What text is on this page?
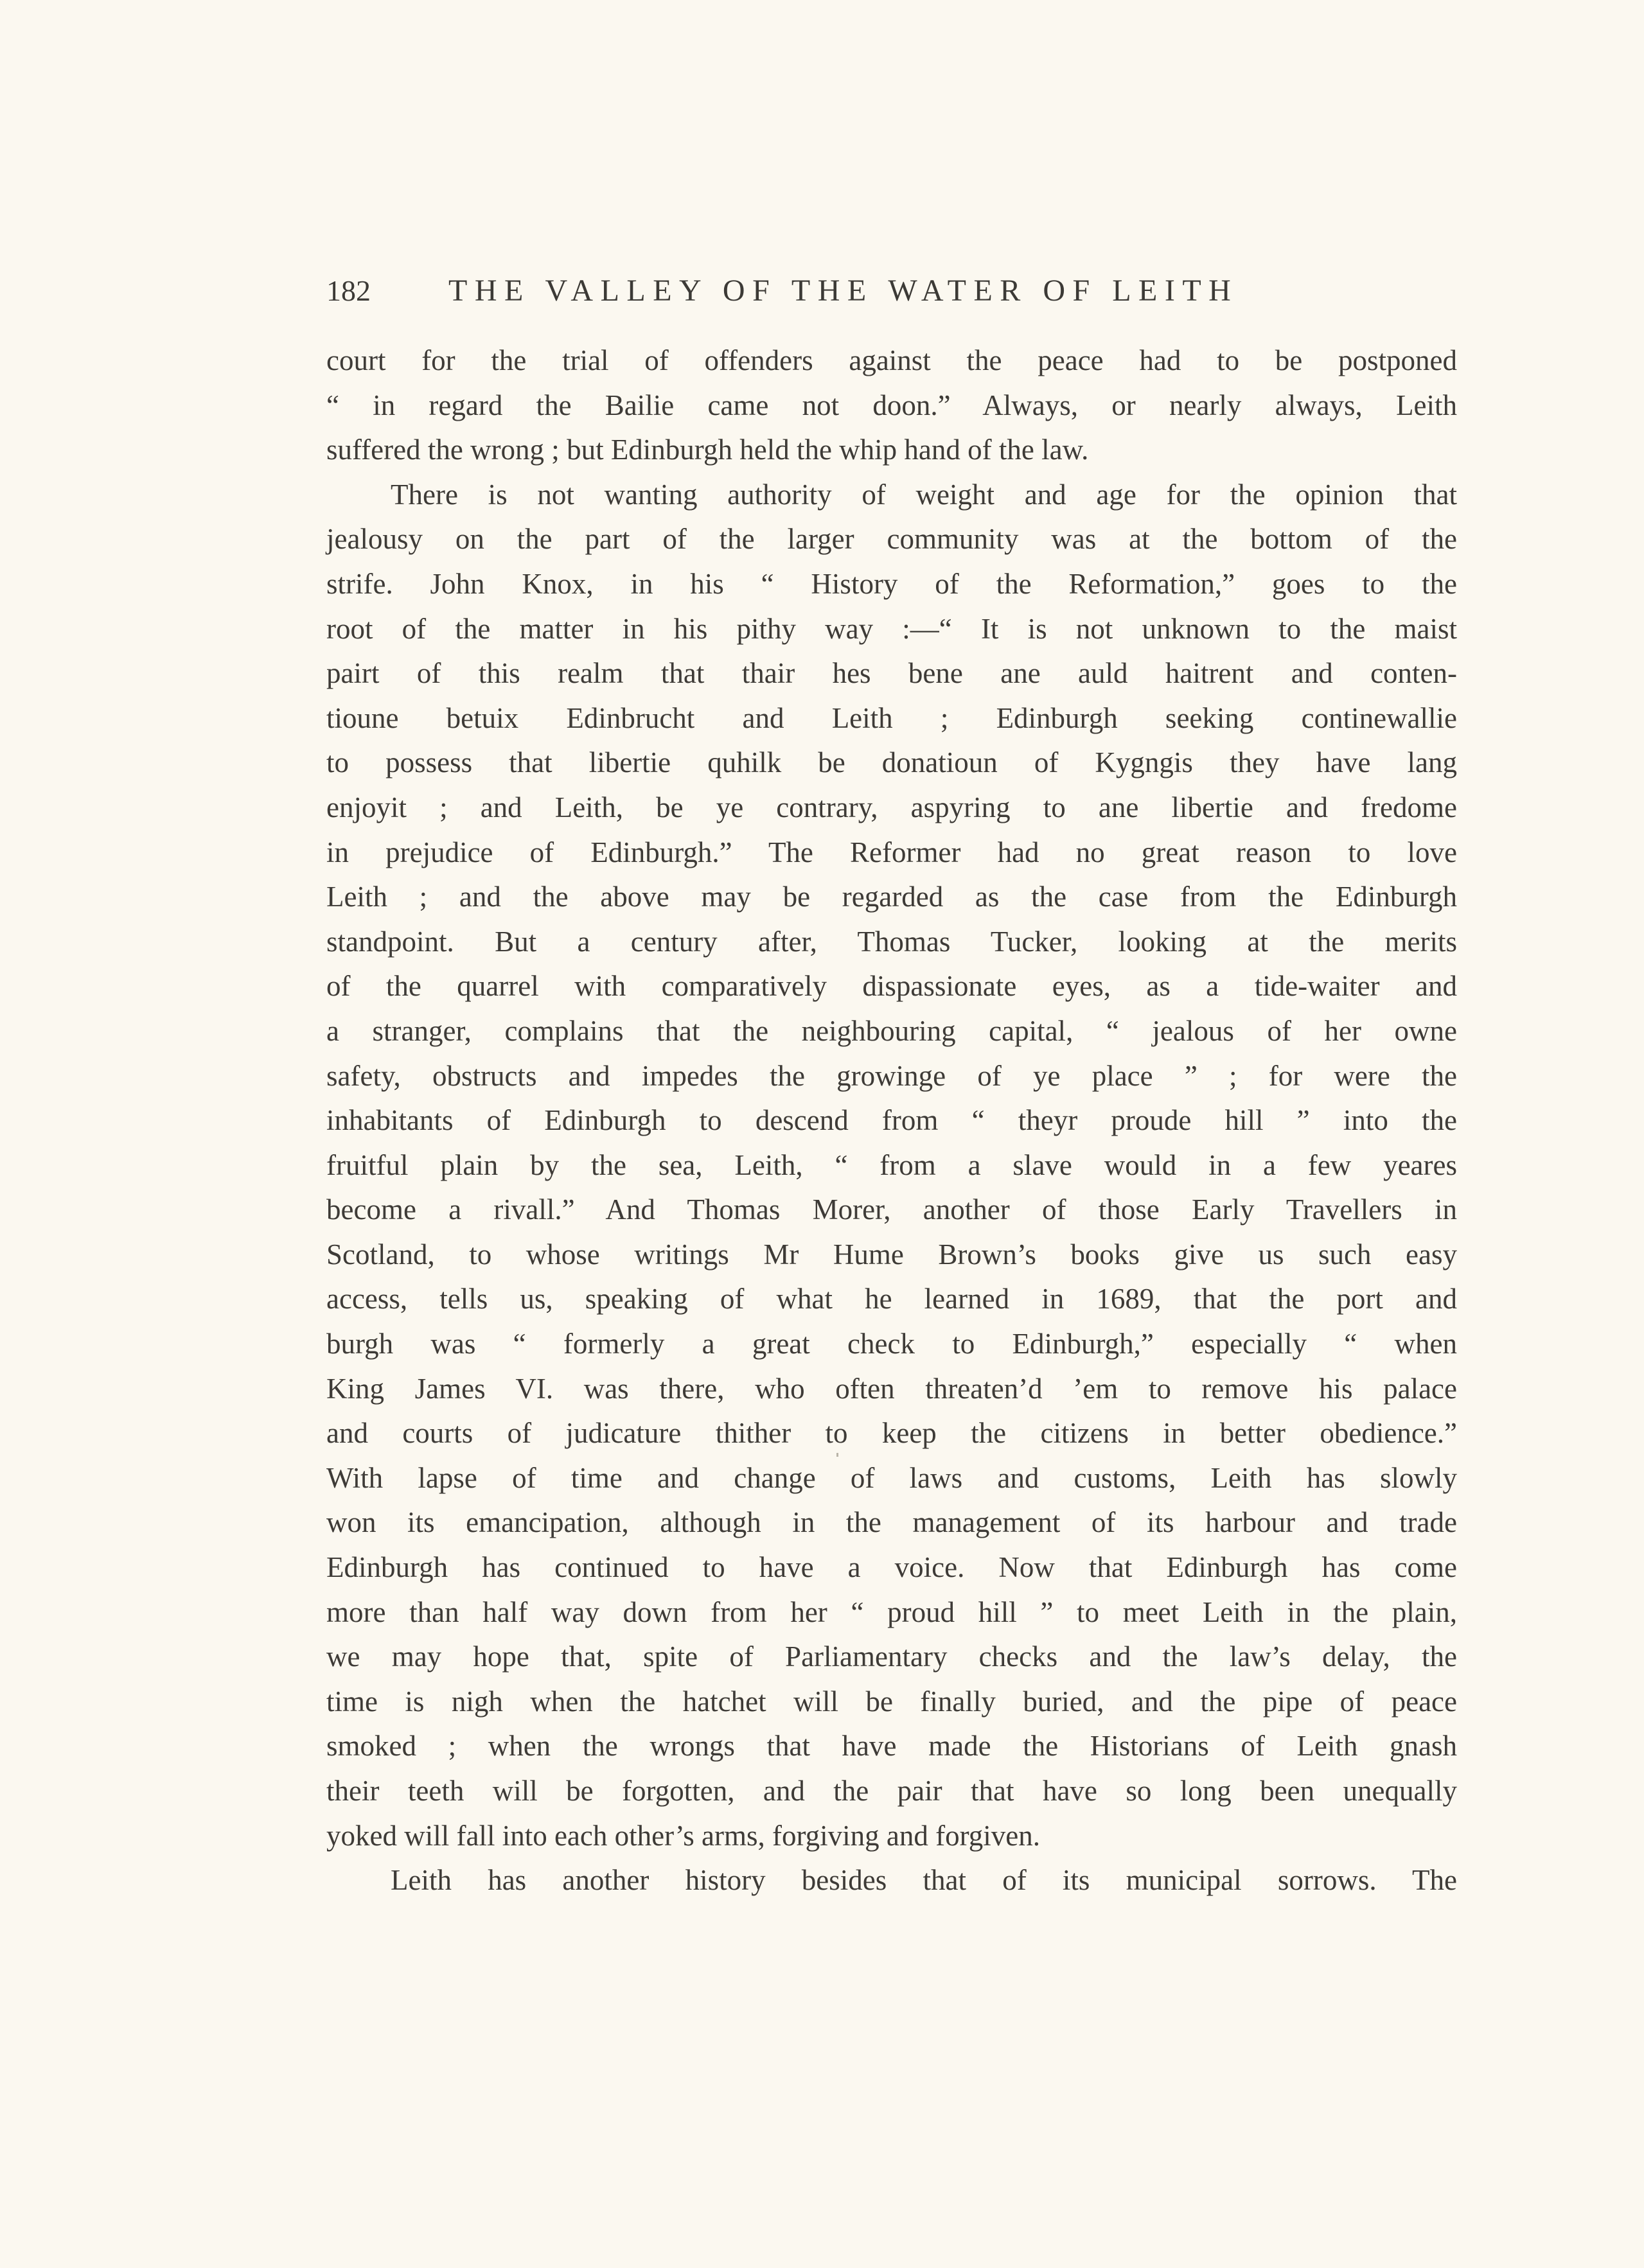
182	THE VALLEY OF THE WATER OF LEITH
court for the trial of offenders against the peace had to be postponed
“ in regard the Bailie came not doon.” Always, or nearly always, Leith
suffered the wrong ; but Edinburgh held the whip hand of the law.
There is not wanting authority of weight and age for the opinion that
jealousy on the part of the larger community was at the bottom of the
strife. John Knox, in his “ History of the Reformation,” goes to the
root of the matter in his pithy way :—“ It is not unknown to the maist
pairt of this realm that thair hes bene ane auld haitrent and conten-
tioune betuix Edinbrucht and Leith ; Edinburgh seeking continewallie
to possess that libertie quhilk be donatioun of Kygngis they have lang
enjoyit ; and Leith, be ye contrary, aspyring to ane libertie and fredome
in prejudice of Edinburgh.” The Reformer had no great reason to love
Leith ; and the above may be regarded as the case from the Edinburgh
standpoint. But a century after, Thomas Tucker, looking at the merits
of the quarrel with comparatively dispassionate eyes, as a tide-waiter and
a stranger, complains that the neighbouring capital, “ jealous of her owne
safety, obstructs and impedes the growinge of ye place ” ; for were the
inhabitants of Edinburgh to descend from “ theyr proude hill ” into the
fruitful plain by the sea, Leith, “ from a slave would in a few yeares
become a rivall.” And Thomas Morer, another of those Early Travellers in
Scotland, to whose writings Mr Hume Brown’s books give us such easy
access, tells us, speaking of what he learned in 1689, that the port and
burgh was “ formerly a great check to Edinburgh,” especially “ when
King James VI. was there, who often threaten’d ’em to remove his palace
and courts of judicature thither to keep the citizens in better obedience.”
With lapse of time and change of laws and customs, Leith has slowly
won its emancipation, although in the management of its harbour and trade
Edinburgh has continued to have a voice. Now that Edinburgh has come
more than half way down from her “ proud hill ” to meet Leith in the plain,
we may hope that, spite of Parliamentary checks and the law’s delay, the
time is nigh when the hatchet will be finally buried, and the pipe of peace
smoked ; when the wrongs that have made the Historians of Leith gnash
their teeth will be forgotten, and the pair that have so long been unequally
yoked will fall into each other’s arms, forgiving and forgiven.
Leith has another history besides that of its municipal sorrows. The
